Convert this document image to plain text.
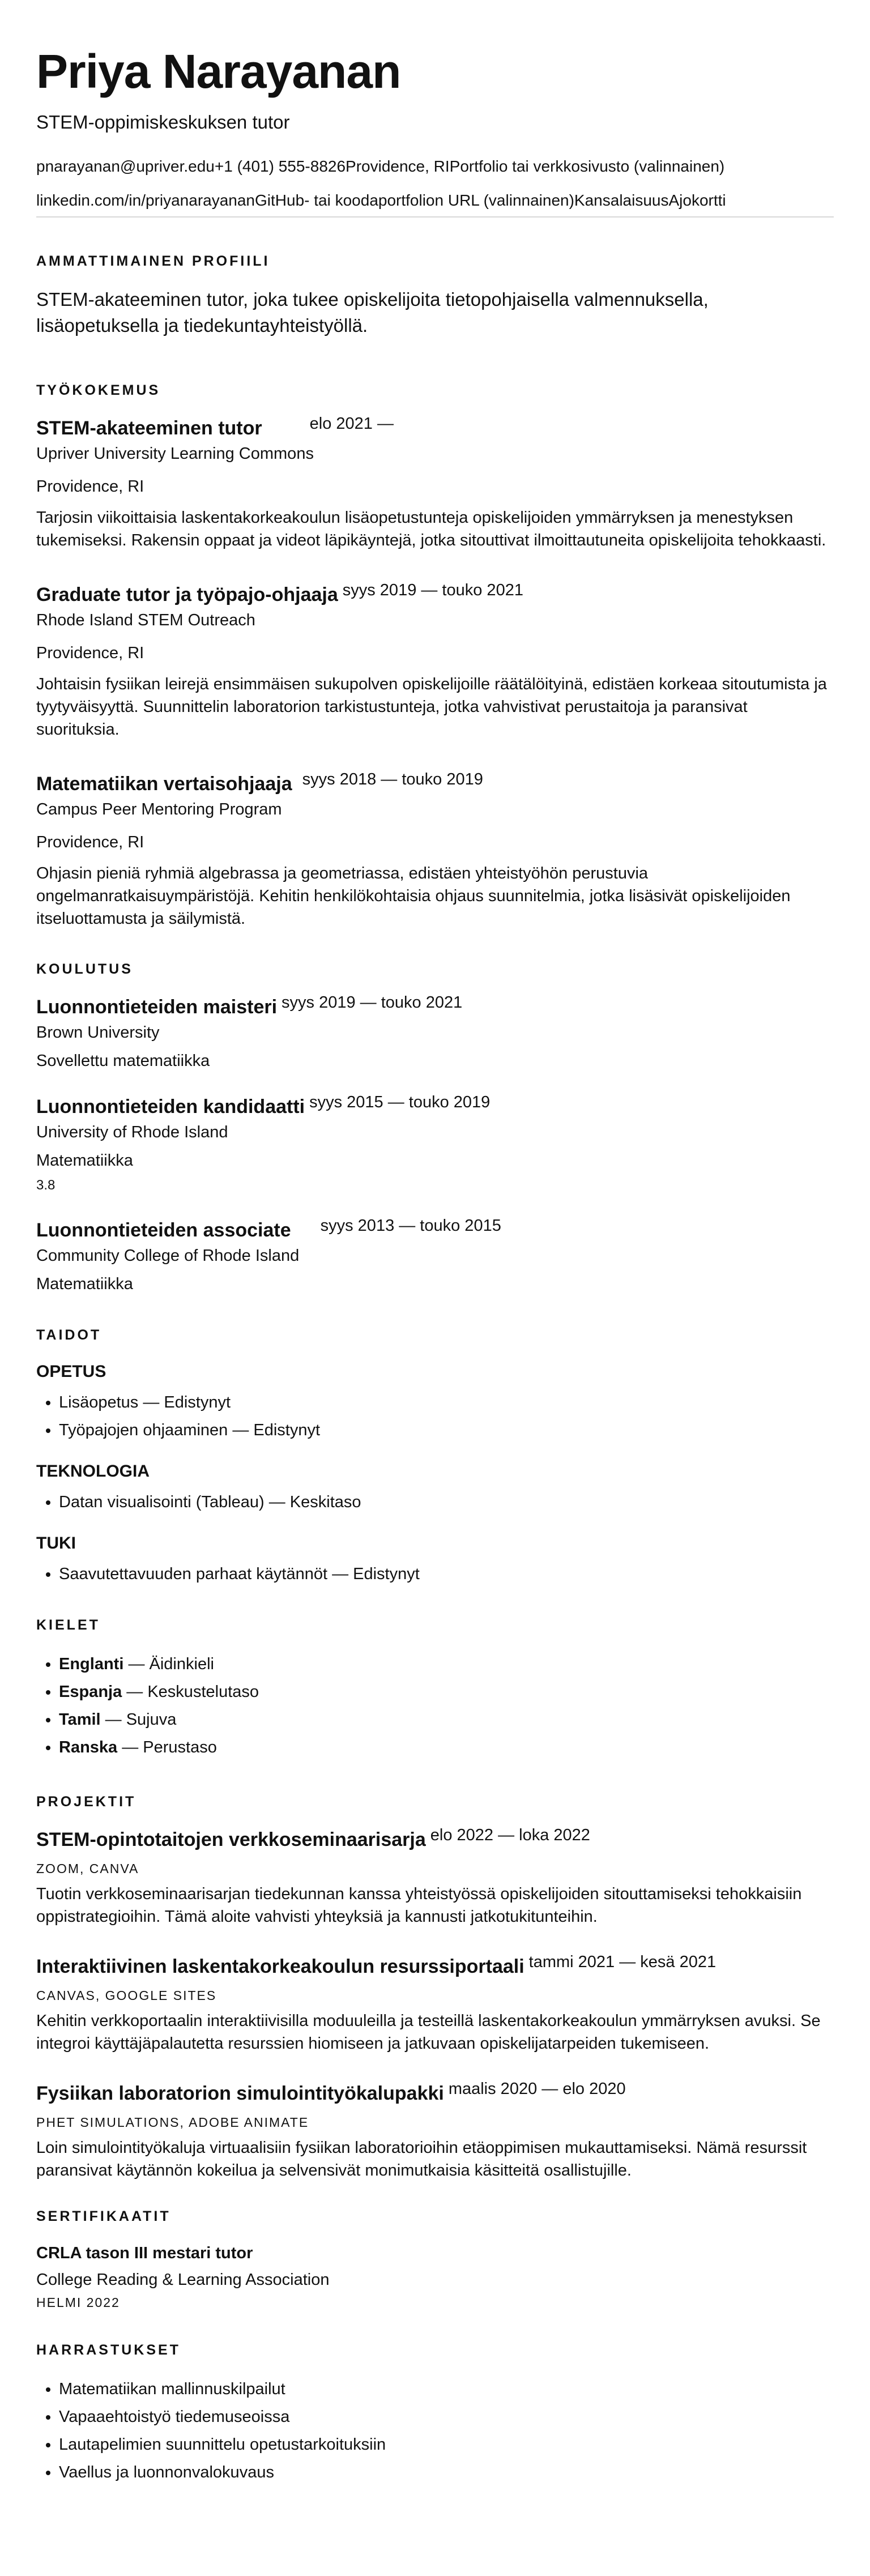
Priya Narayanan
STEM-oppimiskeskuksen tutor
pnarayanan@upriver.edu+1 (401) 555-8826Providence, RIPortfolio tai verkkosivusto (valinnainen)
linkedin.com/in/priyanarayananGitHub- tai koodaportfolion URL (valinnainen)KansalaisuusAjokortti
AMMATTIMAINEN PROFIILI

STEM-akateeminen tutor, joka tukee opiskelijoita tietopohjaisella valmennuksella, lisäopetuksella ja tiedekuntayhteistyöllä.

TYÖKOKEMUS
STEM-akateeminen tutor	elo 2021 —
Upriver University Learning Commons
Providence, RI
Tarjosin viikoittaisia laskentakorkeakoulun lisäopetustunteja opiskelijoiden ymmärryksen ja menestyksen tukemiseksi. Rakensin oppaat ja videot läpikäyntejä, jotka sitouttivat ilmoittautuneita opiskelijoita tehokkaasti.
Graduate tutor ja työpajo-ohjaaja syys 2019 — touko 2021
Rhode Island STEM Outreach
Providence, RI
Johtaisin fysiikan leirejä ensimmäisen sukupolven opiskelijoille räätälöityinä, edistäen korkeaa sitoutumista ja tyytyväisyyttä. Suunnittelin laboratorion tarkistustunteja, jotka vahvistivat perustaitoja ja paransivat suorituksia.
Matematiikan vertaisohjaaja syys 2018 — touko 2019
Campus Peer Mentoring Program
Providence, RI
Ohjasin pieniä ryhmiä algebrassa ja geometriassa, edistäen yhteistyöhön perustuvia ongelmanratkaisuympäristöjä. Kehitin henkilökohtaisia ohjaus suunnitelmia, jotka lisäsivät opiskelijoiden itseluottamusta ja säilymistä.
KOULUTUS
Luonnontieteiden maisteri syys 2019 — touko 2021
Brown University
Sovellettu matematiikka
Luonnontieteiden kandidaatti syys 2015 — touko 2019
University of Rhode Island
Matematiikka
3.8
Luonnontieteiden associate syys 2013 — touko 2015
Community College of Rhode Island
Matematiikka
TAIDOT
OPETUS
• Lisäopetus — Edistynyt
• Työpajojen ohjaaminen — Edistynyt
TEKNOLOGIA
• Datan visualisointi (Tableau) — Keskitaso
TUKI
• Saavutettavuuden parhaat käytännöt — Edistynyt
KIELET
• Englanti — Äidinkieli
• Espanja — Keskustelutaso
• Tamil — Sujuva
• Ranska — Perustaso
PROJEKTIT
STEM-opintotaitojen verkkoseminaarisarja elo 2022 — loka 2022
ZOOM, CANVA
Tuotin verkkoseminaarisarjan tiedekunnan kanssa yhteistyössä opiskelijoiden sitouttamiseksi tehokkaisiin oppistrategioihin. Tämä aloite vahvisti yhteyksiä ja kannusti jatkotukitunteihin.
Interaktiivinen laskentakorkeakoulun resurssiportaali tammi 2021 — kesä 2021
CANVAS, GOOGLE SITES
Kehitin verkkoportaalin interaktiivisilla moduuleilla ja testeillä laskentakorkeakoulun ymmärryksen avuksi. Se integroi käyttäjäpalautetta resurssien hiomiseen ja jatkuvaan opiskelijatarpeiden tukemiseen.
Fysiikan laboratorion simulointityökalupakki maalis 2020 — elo 2020
PHET SIMULATIONS, ADOBE ANIMATE
Loin simulointityökaluja virtuaalisiin fysiikan laboratorioihin etäoppimisen mukauttamiseksi. Nämä resurssit paransivat käytännön kokeilua ja selvensivät monimutkaisia käsitteitä osallistujille.
SERTIFIKAATIT
CRLA tason III mestari tutor
College Reading & Learning Association
HELMI 2022
HARRASTUKSET
• Matematiikan mallinnuskilpailut
• Vapaaehtoistyö tiedemuseoissa
• Lautapelimien suunnittelu opetustarkoituksiin
• Vaellus ja luonnonvalokuvaus
